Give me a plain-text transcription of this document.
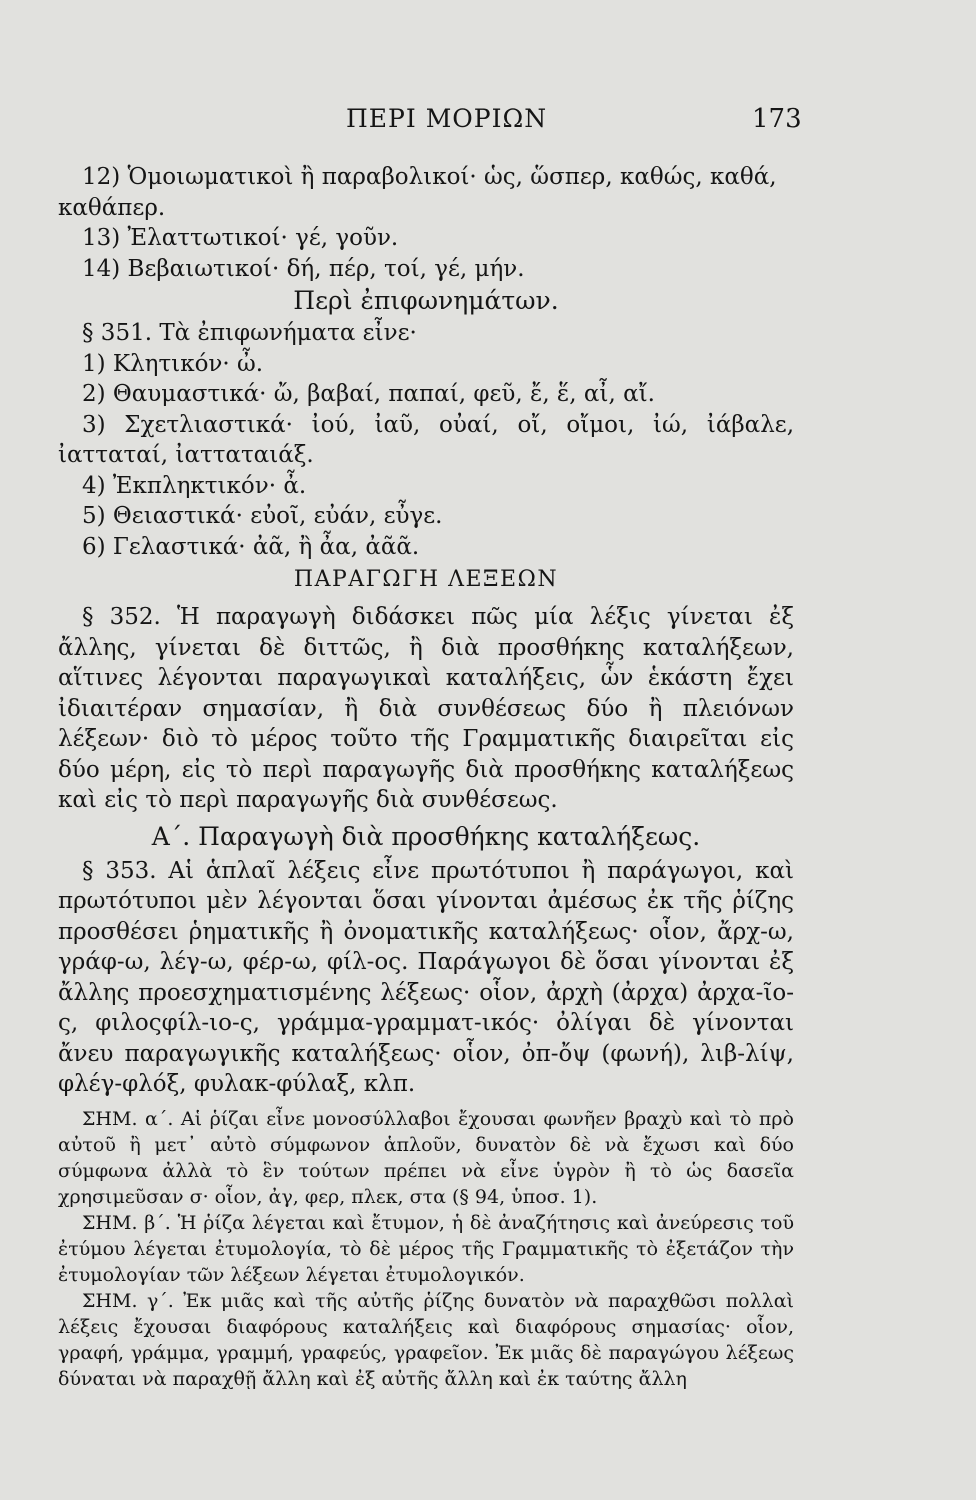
ΠΕΡΙ ΜΟΡΙΩΝ	173

12) Ὁμοιωματικοὶ ἢ παραβολικοί· ὡς, ὥσπερ, καθώς, καθά,

καθάπερ.

13) Ἐλαττωτικοί· γέ, γοῦν.

14) Βεβαιωτικοί· δή, πέρ, τοί, γέ, μήν.

Περὶ ἐπιφωνημάτων.

§ 351. Τὰ ἐπιφωνήματα εἶνε·

1) Κλητικόν· ὦ.

2) Θαυμαστικά· ὤ, βαβαί, παπαί, φεῦ, ἔ, ἕ, αἶ, αἴ.

3) Σχετλιαστικά· ἰού, ἰαῦ, οὐαί, οἴ, οἴμοι, ἰώ, ἰάβαλε, ἰατταταί, ἰατταταιάξ.

4) Ἐκπληκτικόν· ἆ.

5) Θειαστικά· εὐοῖ, εὐάν, εὖγε.

6) Γελαστικά· ἀᾶ, ἢ ἆα, ἀᾶᾶ.

ΠΑΡΑΓΩΓΗ ΛΕΞΕΩΝ

§ 352. Ἡ παραγωγὴ διδάσκει πῶς μία λέξις γίνεται ἐξ ἄλλης, γίνεται δὲ διττῶς, ἢ διὰ προσθήκης καταλήξεων, αἵτινες λέγονται παραγωγικαὶ καταλήξεις, ὧν ἑκάστη ἔχει ἰδιαιτέραν σημασίαν, ἢ διὰ συνθέσεως δύο ἢ πλειόνων λέξεων· διὸ τὸ μέρος τοῦτο τῆς Γραμματικῆς διαιρεῖται εἰς δύο μέρη, εἰς τὸ περὶ παραγωγῆς διὰ προσθήκης καταλήξεως καὶ εἰς τὸ περὶ παραγωγῆς διὰ συνθέσεως.

Α΄. Παραγωγὴ διὰ προσθήκης καταλήξεως.

§ 353. Αἱ ἁπλαῖ λέξεις εἶνε πρωτότυποι ἢ παράγωγοι, καὶ πρωτότυποι μὲν λέγονται ὅσαι γίνονται ἀμέσως ἐκ τῆς ῥίζης προσθέσει ῥηματικῆς ἢ ὀνοματικῆς καταλήξεως· οἷον, ἄρχ-ω, γράφ-ω, λέγ-ω, φέρ-ω, φίλ-ος. Παράγωγοι δὲ ὅσαι γίνονται ἐξ ἄλλης προεσχηματισμένης λέξεως· οἷον, ἀρχὴ (ἀρχα) ἀρχα-ῖο-ς, φιλοςφίλ-ιο-ς, γράμμα-γραμματ-ικός· ὀλίγαι δὲ γίνονται ἄνευ παραγωγικῆς καταλήξεως· οἷον, ὀπ-ὄψ (φωνή), λιβ-λίψ, φλέγ-φλόξ, φυλακ-φύλαξ, κλπ.

ΣΗΜ. α΄. Αἱ ῥίζαι εἶνε μονοσύλλαβοι ἔχουσαι φωνῆεν βραχὺ καὶ τὸ πρὸ αὐτοῦ ἢ μετ᾽ αὐτὸ σύμφωνον ἁπλοῦν, δυνατὸν δὲ νὰ ἔχωσι καὶ δύο σύμφωνα ἀλλὰ τὸ ἓν τούτων πρέπει νὰ εἶνε ὑγρὸν ἢ τὸ ὡς δασεῖα χρησιμεῦσαν σ· οἷον, ἀγ, φερ, πλεκ, στα (§ 94, ὑποσ. 1).

ΣΗΜ. β΄. Ἡ ῥίζα λέγεται καὶ ἔτυμον, ἡ δὲ ἀναζήτησις καὶ ἀνεύρεσις τοῦ ἐτύμου λέγεται ἐτυμολογία, τὸ δὲ μέρος τῆς Γραμματικῆς τὸ ἐξετάζον τὴν ἐτυμολογίαν τῶν λέξεων λέγεται ἐτυμολογικόν.

ΣΗΜ. γ΄. Ἐκ μιᾶς καὶ τῆς αὐτῆς ῥίζης δυνατὸν νὰ παραχθῶσι πολλαὶ λέξεις ἔχουσαι διαφόρους καταλήξεις καὶ διαφόρους σημασίας· οἷον, γραφή, γράμμα, γραμμή, γραφεύς, γραφεῖον. Ἐκ μιᾶς δὲ παραγώγου λέξεως δύναται νὰ παραχθῇ ἄλλη καὶ ἐξ αὐτῆς ἄλλη καὶ ἐκ ταύτης ἄλλη
